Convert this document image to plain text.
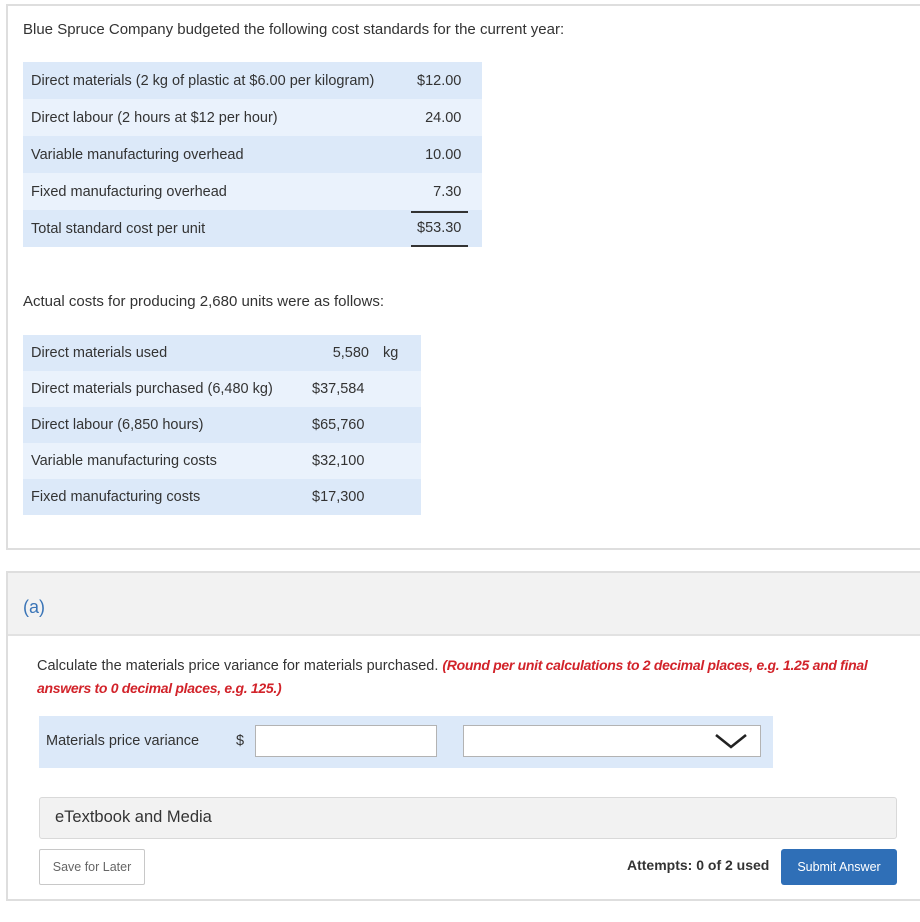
Blue Spruce Company budgeted the following cost standards for the current year:
Direct materials (2 kg of plastic at $6.00 per kilogram)	$12.00
Direct labour (2 hours at $12 per hour)	24.00
Variable manufacturing overhead	10.00
Fixed manufacturing overhead	7.30
Total standard cost per unit	$53.30
Actual costs for producing 2,680 units were as follows:
Direct materials used	5,580	kg
Direct materials purchased (6,480 kg)	$37,584	
Direct labour (6,850 hours)	$65,760	
Variable manufacturing costs	$32,100	
Fixed manufacturing costs	$17,300	
(a)
Calculate the materials price variance for materials purchased. (Round per unit calculations to 2 decimal places, e.g. 1.25 and final answers to 0 decimal places, e.g. 125.)
Materials price variance	$
eTextbook and Media
Save for Later	Attempts: 0 of 2 used	Submit Answer
